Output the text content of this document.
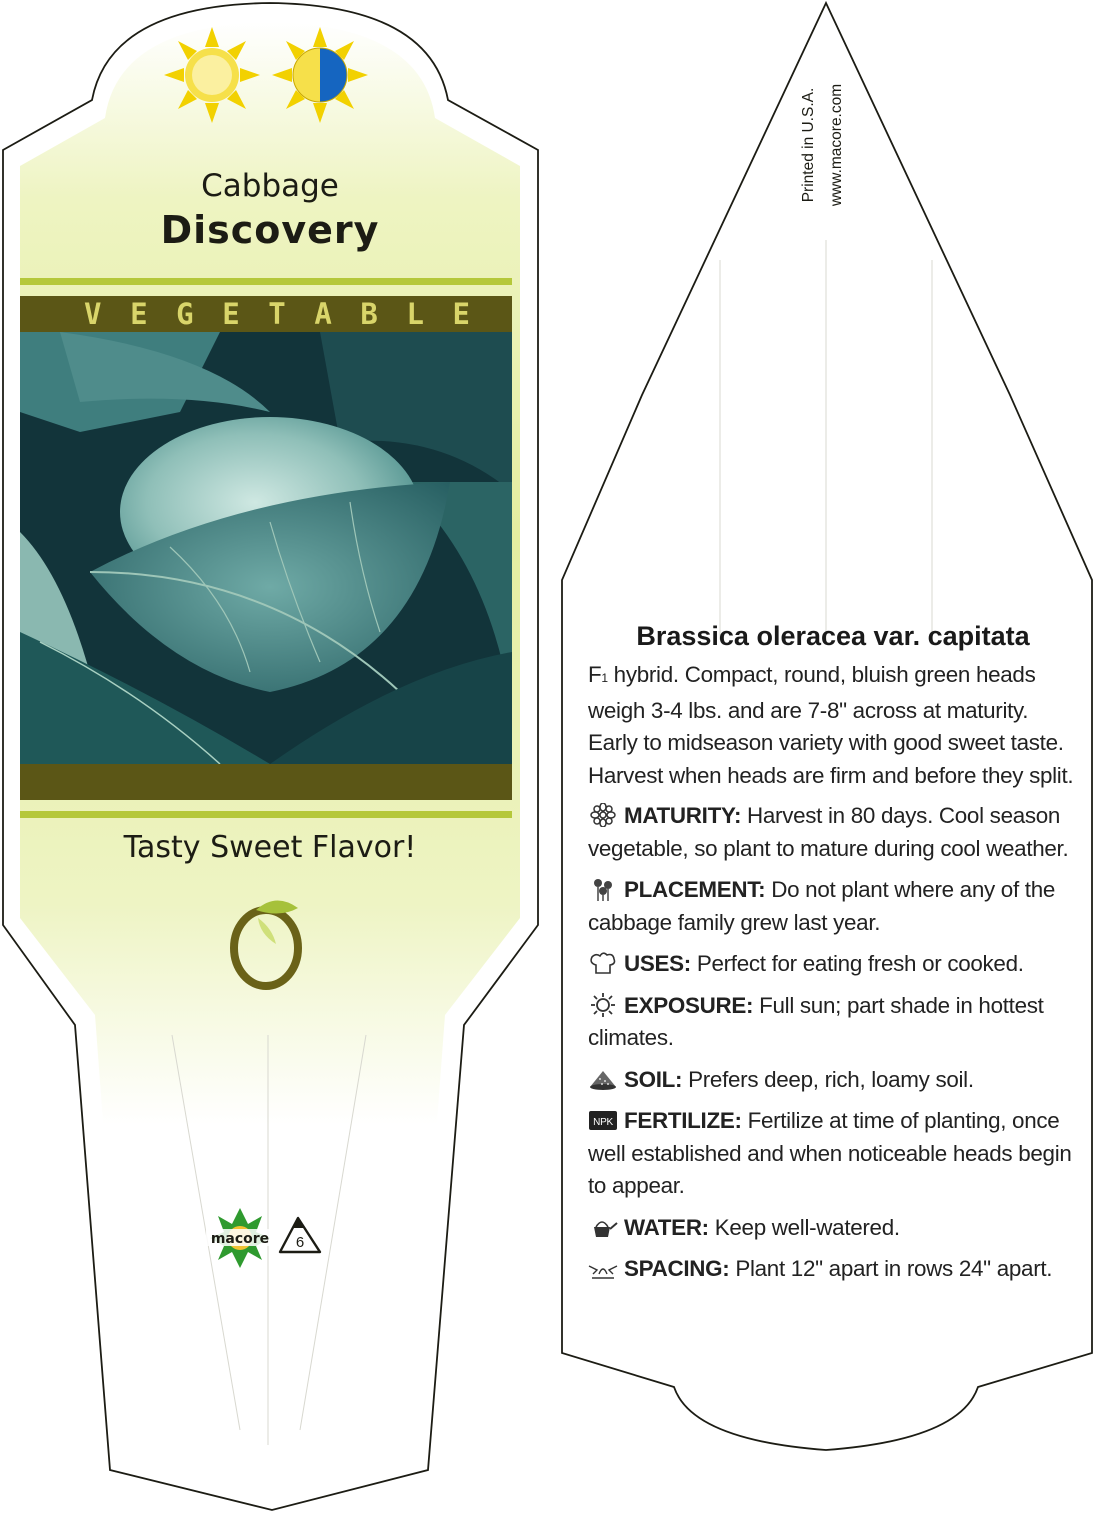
Cabbage
Discovery
V E G E T A B L E
Tasty Sweet Flavor!
macore	6
Printed in U.S.A. www.macore.com
Brassica oleracea var. capitata
F1 hybrid. Compact, round, bluish green heads weigh 3-4 lbs. and are 7-8" across at maturity. Early to midseason variety with good sweet taste. Harvest when heads are firm and before they split.
MATURITY: Harvest in 80 days. Cool season vegetable, so plant to mature during cool weather.
PLACEMENT: Do not plant where any of the cabbage family grew last year.
USES: Perfect for eating fresh or cooked.
EXPOSURE: Full sun; part shade in hottest climates.
SOIL: Prefers deep, rich, loamy soil.
NPK FERTILIZE: Fertilize at time of planting, once well established and when noticeable heads begin to appear.
WATER: Keep well-watered.
SPACING: Plant 12" apart in rows 24" apart.
